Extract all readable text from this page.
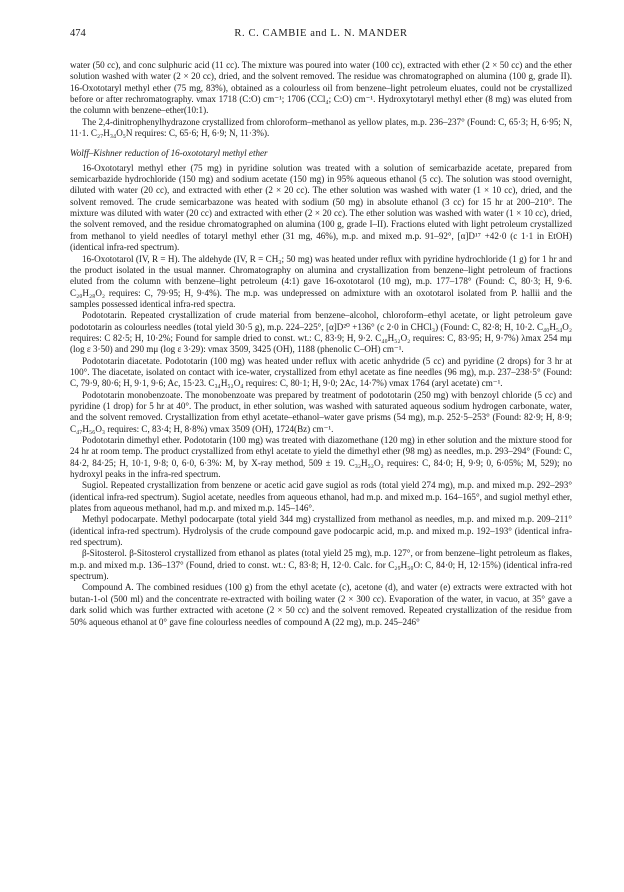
474	R. C. CAMBIE and L. N. MANDER

water (50 cc), and conc sulphuric acid (11 cc). The mixture was poured into water (100 cc), extracted with ether (2 × 50 cc) and the ether solution washed with water (2 × 20 cc), dried, and the solvent removed. The residue was chromatographed on alumina (100 g, grade II). 16-Oxototaryl methyl ether (75 mg, 83%), obtained as a colourless oil from benzene–light petroleum eluates, could not be crystallized before or after rechromatography. νmax 1718 (C:O) cm⁻¹; 1706 (CCl₄; C:O) cm⁻¹. Hydroxytotaryl methyl ether (8 mg) was eluted from the column with benzene–ether(10:1).

The 2,4-dinitrophenylhydrazone crystallized from chloroform–methanol as yellow plates, m.p. 236–237° (Found: C, 65·3; H, 6·95; N, 11·1. C₂₇H₃₄O₅N requires: C, 65·6; H, 6·9; N, 11·3%).

Wolff–Kishner reduction of 16-oxototaryl methyl ether

16-Oxototaryl methyl ether (75 mg) in pyridine solution was treated with a solution of semicarbazide acetate, prepared from semicarbazide hydrochloride (150 mg) and sodium acetate (150 mg) in 95% aqueous ethanol (5 cc). The solution was stood overnight, diluted with water (20 cc), and extracted with ether (2 × 20 cc). The ether solution was washed with water (1 × 10 cc), dried, and the solvent removed. The crude semicarbazone was heated with sodium (50 mg) in absolute ethanol (3 cc) for 15 hr at 200–210°. The mixture was diluted with water (20 cc) and extracted with ether (2 × 20 cc). The ether solution was washed with water (1 × 10 cc), dried, the solvent removed, and the residue chromatographed on alumina (100 g, grade I–II). Fractions eluted with light petroleum crystallized from methanol to yield needles of totaryl methyl ether (31 mg, 46%), m.p. and mixed m.p. 91–92°, [α]D¹⁷ +42·0 (c 1·1 in EtOH) (identical infra-red spectrum).

16-Oxototarol (IV, R = H). The aldehyde (IV, R = CH₃; 50 mg) was heated under reflux with pyridine hydrochloride (1 g) for 1 hr and the product isolated in the usual manner. Chromatography on alumina and crystallization from benzene–light petroleum of fractions eluted from the column with benzene–light petroleum (4:1) gave 16-oxototarol (10 mg), m.p. 177–178° (Found: C, 80·3; H, 9·6. C₂₀H₂₈O₂ requires: C, 79·95; H, 9·4%). The m.p. was undepressed on admixture with an oxototarol isolated from P. hallii and the samples possessed identical infra-red spectra.

Podototarin. Repeated crystallization of crude material from benzene–alcohol, chloroform–ethyl acetate, or light petroleum gave podototarin as colourless needles (total yield 30·5 g), m.p. 224–225°, [α]D²⁰ +136° (c 2·0 in CHCl₃) (Found: C, 82·8; H, 10·2. C₄₀H₅₄O₂ requires: C 82·5; H, 10·2%; Found for sample dried to const. wt.: C, 83·9; H, 9·2. C₄₀H₅₂O₂ requires: C, 83·95; H, 9·7%) λmax 254 mμ (log ε 3·50) and 290 mμ (log ε 3·29): νmax 3509, 3425 (OH), 1188 (phenolic C–OH) cm⁻¹.

Podototarin diacetate. Podototarin (100 mg) was heated under reflux with acetic anhydride (5 cc) and pyridine (2 drops) for 3 hr at 100°. The diacetate, isolated on contact with ice-water, crystallized from ethyl acetate as fine needles (96 mg), m.p. 237–238·5° (Found: C, 79·9, 80·6; H, 9·1, 9·6; Ac, 15·23. C₃₄H₅₂O₄ requires: C, 80·1; H, 9·0; 2Ac, 14·7%) νmax 1764 (aryl acetate) cm⁻¹.

Podototarin monobenzoate. The monobenzoate was prepared by treatment of podototarin (250 mg) with benzoyl chloride (5 cc) and pyridine (1 drop) for 5 hr at 40°. The product, in ether solution, was washed with saturated aqueous sodium hydrogen carbonate, water, and the solvent removed. Crystallization from ethyl acetate–ethanol–water gave prisms (54 mg), m.p. 252·5–253° (Found: 82·9; H, 8·9; C₄₇H₅₆O₃ requires: C, 83·4; H, 8·8%) νmax 3509 (OH), 1724(Bz) cm⁻¹.

Podototarin dimethyl ether. Podototarin (100 mg) was treated with diazomethane (120 mg) in ether solution and the mixture stood for 24 hr at room temp. The product crystallized from ethyl acetate to yield the dimethyl ether (98 mg) as needles, m.p. 293–294° (Found: C, 84·2, 84·25; H, 10·1, 9·8; 0, 6·0, 6·3%: M, by X-ray method, 509 ± 19. C₃₂H₅₂O₂ requires: C, 84·0; H, 9·9; 0, 6·05%; M, 529); no hydroxyl peaks in the infra-red spectrum.

Sugiol. Repeated crystallization from benzene or acetic acid gave sugiol as rods (total yield 274 mg), m.p. and mixed m.p. 292–293° (identical infra-red spectrum). Sugiol acetate, needles from aqueous ethanol, had m.p. and mixed m.p. 164–165°, and sugiol methyl ether, plates from aqueous methanol, had m.p. and mixed m.p. 145–146°.

Methyl podocarpate. Methyl podocarpate (total yield 344 mg) crystallized from methanol as needles, m.p. and mixed m.p. 209–211° (identical infra-red spectrum). Hydrolysis of the crude compound gave podocarpic acid, m.p. and mixed m.p. 192–193° (identical infra-red spectrum).

β-Sitosterol. β-Sitosterol crystallized from ethanol as plates (total yield 25 mg), m.p. 127°, or from benzene–light petroleum as flakes, m.p. and mixed m.p. 136–137° (Found, dried to const. wt.: C, 83·8; H, 12·0. Calc. for C₂₉H₅₀O: C, 84·0; H, 12·15%) (identical infra-red spectrum).

Compound A. The combined residues (100 g) from the ethyl acetate (c), acetone (d), and water (e) extracts were extracted with hot butan-1-ol (500 ml) and the concentrate re-extracted with boiling water (2 × 300 cc). Evaporation of the water, in vacuo, at 35° gave a dark solid which was further extracted with acetone (2 × 50 cc) and the solvent removed. Repeated crystallization of the residue from 50% aqueous ethanol at 0° gave fine colourless needles of compound A (22 mg), m.p. 245–246°
